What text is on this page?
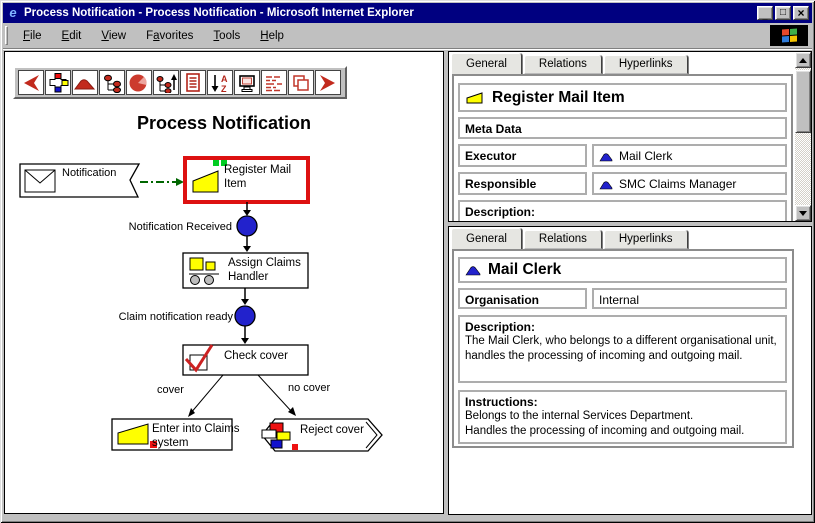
e Process Notification - Process Notification - Microsoft Internet Explorer	_ □ ×
File	Edit	View	Favorites	Tools	Help
A
Z
Process Notification
Notification	Register Mail Item
Notification Received
Assign Claims Handler
Claim notification ready
Check cover
cover	no cover
Enter into Claims system
Reject cover
General	Relations	Hyperlinks
Register Mail Item
Meta Data
Executor	Mail Clerk
Responsible	SMC Claims Manager
Description:
General	Relations	Hyperlinks
Mail Clerk
Organisation	Internal
Description:
The Mail Clerk, who belongs to a different organisational unit, handles the processing of incoming and outgoing mail.
Instructions:
Belongs to the internal Services Department.
Handles the processing of incoming and outgoing mail.
